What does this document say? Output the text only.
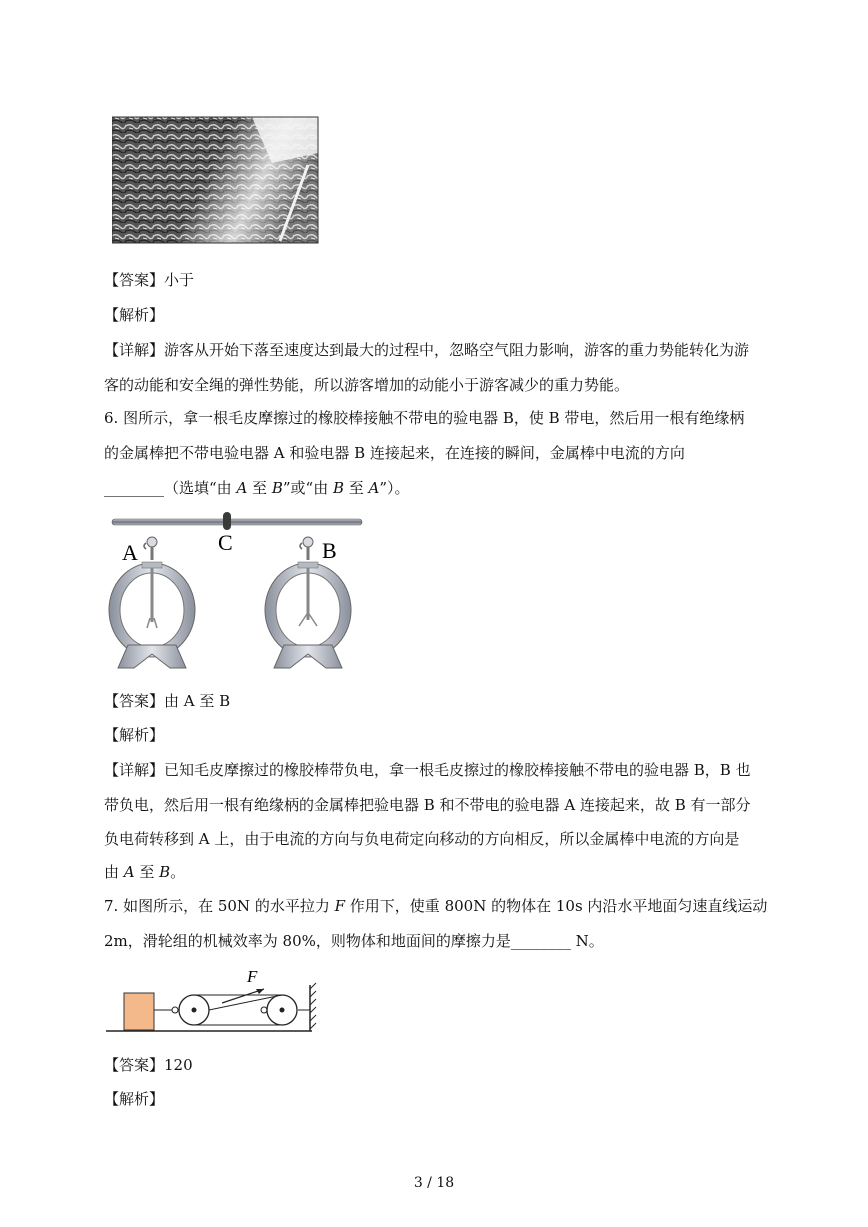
【答案】小于
【解析】
【详解】游客从开始下落至速度达到最大的过程中，忽略空气阻力影响，游客的重力势能转化为游
客的动能和安全绳的弹性势能，所以游客增加的动能小于游客减少的重力势能。
6. 图所示，拿一根毛皮摩擦过的橡胶棒接触不带电的验电器 B，使 B 带电，然后用一根有绝缘柄
的金属棒把不带电验电器 A 和验电器 B 连接起来，在连接的瞬间，金属棒中电流的方向
________（选填“由 A 至 B”或“由 B 至 A”）。
C
A	B
【答案】由 A 至 B
【解析】
【详解】已知毛皮摩擦过的橡胶棒带负电，拿一根毛皮擦过的橡胶棒接触不带电的验电器 B，B 也
带负电，然后用一根有绝缘柄的金属棒把验电器 B 和不带电的验电器 A 连接起来，故 B 有一部分
负电荷转移到 A 上，由于电流的方向与负电荷定向移动的方向相反，所以金属棒中电流的方向是
由 A 至 B。
7. 如图所示，在 50N 的水平拉力 F 作用下，使重 800N 的物体在 10s 内沿水平地面匀速直线运动
2m，滑轮组的机械效率为 80%，则物体和地面间的摩擦力是________ N。
F
【答案】120
【解析】
3 / 18
